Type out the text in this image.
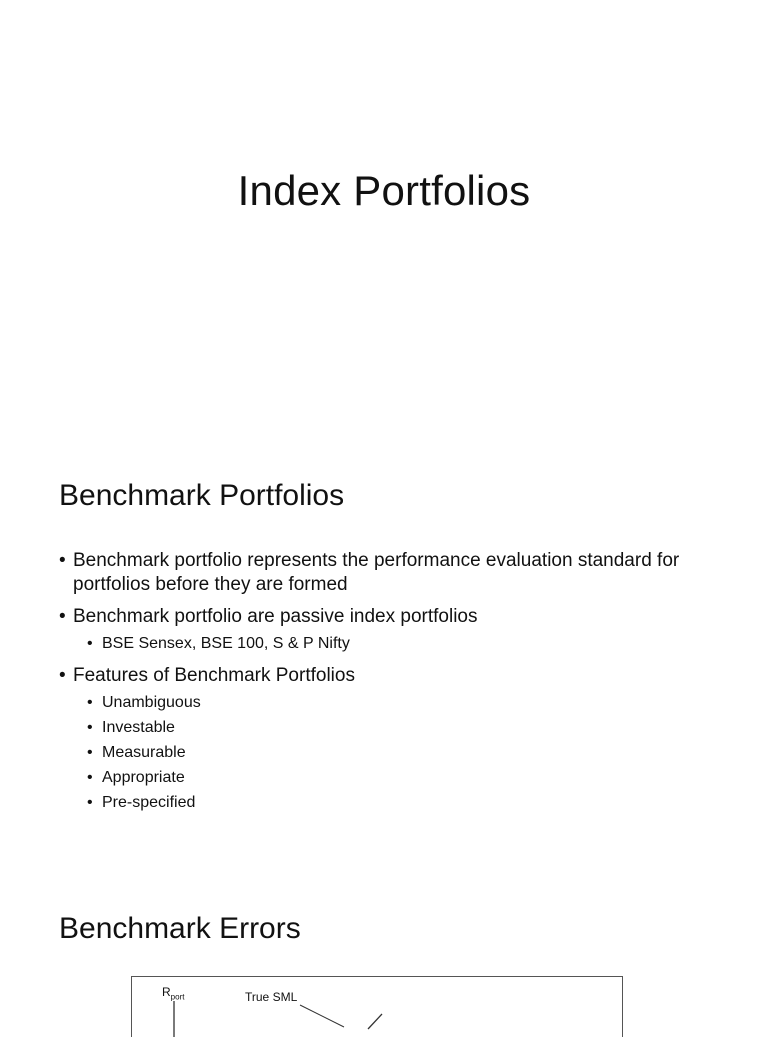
Index Portfolios
Benchmark Portfolios
• Benchmark portfolio represents the performance evaluation standard for portfolios before they are formed
• Benchmark portfolio are passive index portfolios
• BSE Sensex, BSE 100, S & P Nifty
• Features of Benchmark Portfolios
• Unambiguous
• Investable
• Measurable
• Appropriate
• Pre-specified
Benchmark Errors
$R_{port}$	True SML
